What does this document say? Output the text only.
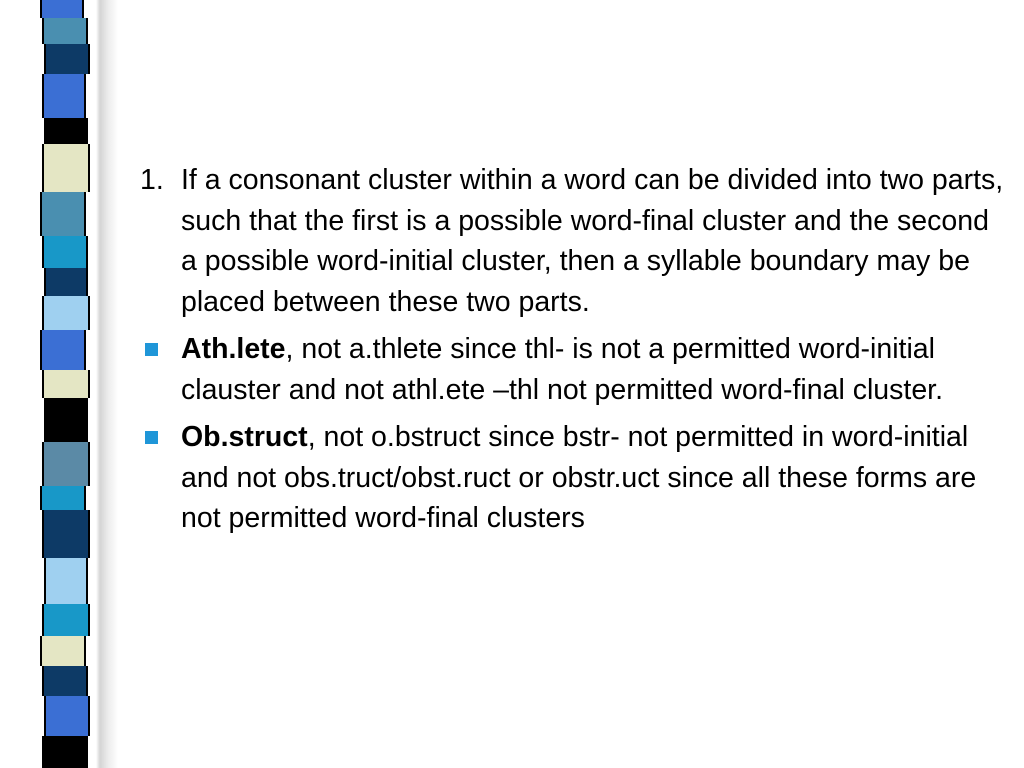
1. If a consonant cluster within a word can be divided into two parts, such that the first is a possible word-final cluster and the second a possible word-initial cluster, then a syllable boundary may be placed between these two parts.
Ath.lete, not a.thlete since thl- is not a permitted word-initial clauster and not athl.ete –thl not permitted word-final cluster.
Ob.struct, not o.bstruct since bstr- not permitted in word-initial and not obs.truct/obst.ruct or obstr.uct since all these forms are not permitted word-final clusters
